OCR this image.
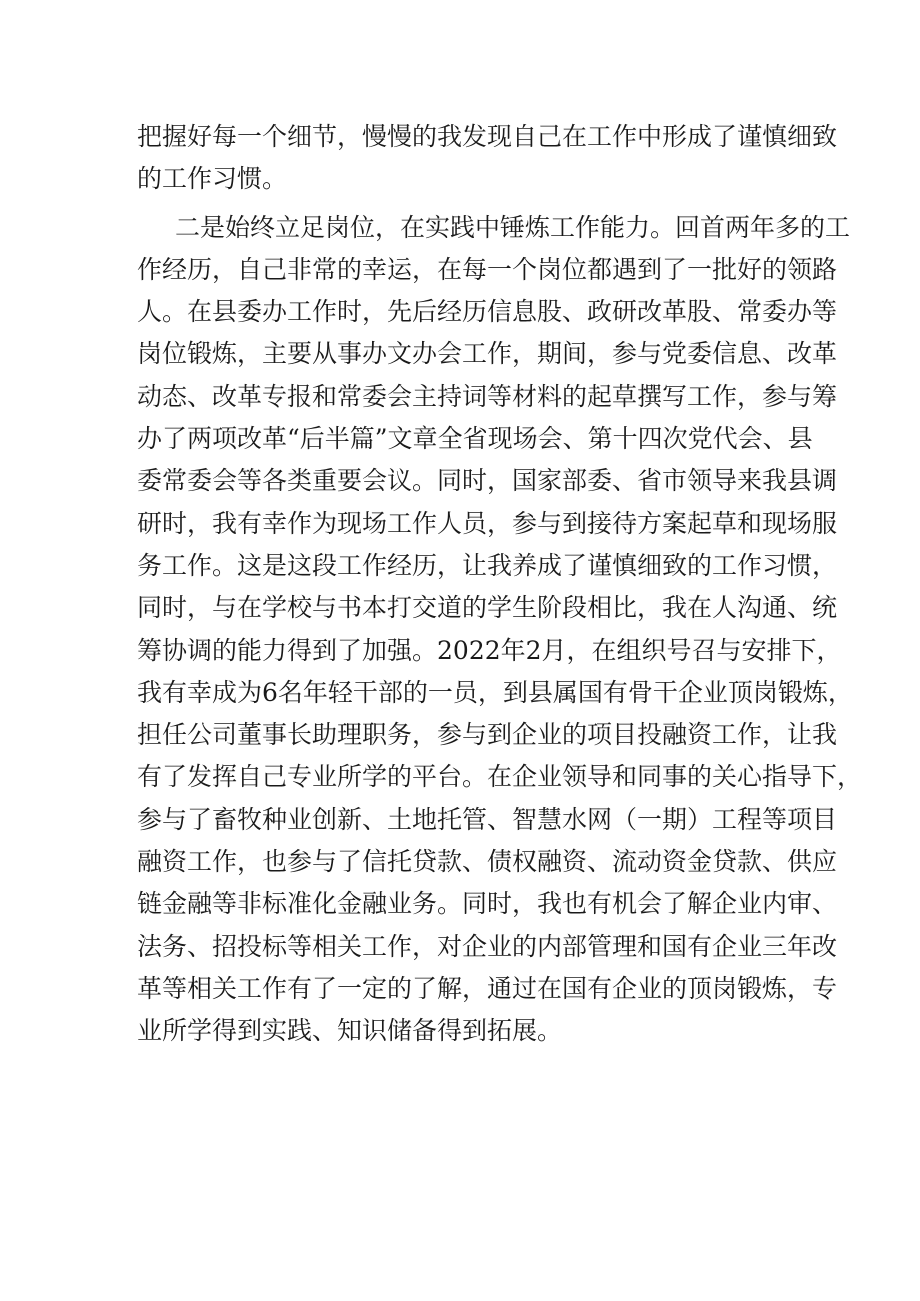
把握好每一个细节，慢慢的我发现自己在工作中形成了谨慎细致
的工作习惯。
二是始终立足岗位，在实践中锤炼工作能力。回首两年多的工
作经历，自己非常的幸运，在每一个岗位都遇到了一批好的领路
人。在县委办工作时，先后经历信息股、政研改革股、常委办等
岗位锻炼，主要从事办文办会工作，期间，参与党委信息、改革
动态、改革专报和常委会主持词等材料的起草撰写工作，参与筹
办了两项改革“后半篇”文章全省现场会、第十四次党代会、县
委常委会等各类重要会议。同时，国家部委、省市领导来我县调
研时，我有幸作为现场工作人员，参与到接待方案起草和现场服
务工作。这是这段工作经历，让我养成了谨慎细致的工作习惯，
同时，与在学校与书本打交道的学生阶段相比，我在人沟通、统
筹协调的能力得到了加强。2022年2月，在组织号召与安排下，
我有幸成为6名年轻干部的一员，到县属国有骨干企业顶岗锻炼，
担任公司董事长助理职务，参与到企业的项目投融资工作，让我
有了发挥自己专业所学的平台。在企业领导和同事的关心指导下，
参与了畜牧种业创新、土地托管、智慧水网（一期）工程等项目
融资工作，也参与了信托贷款、债权融资、流动资金贷款、供应
链金融等非标准化金融业务。同时，我也有机会了解企业内审、
法务、招投标等相关工作，对企业的内部管理和国有企业三年改
革等相关工作有了一定的了解，通过在国有企业的顶岗锻炼，专
业所学得到实践、知识储备得到拓展。
